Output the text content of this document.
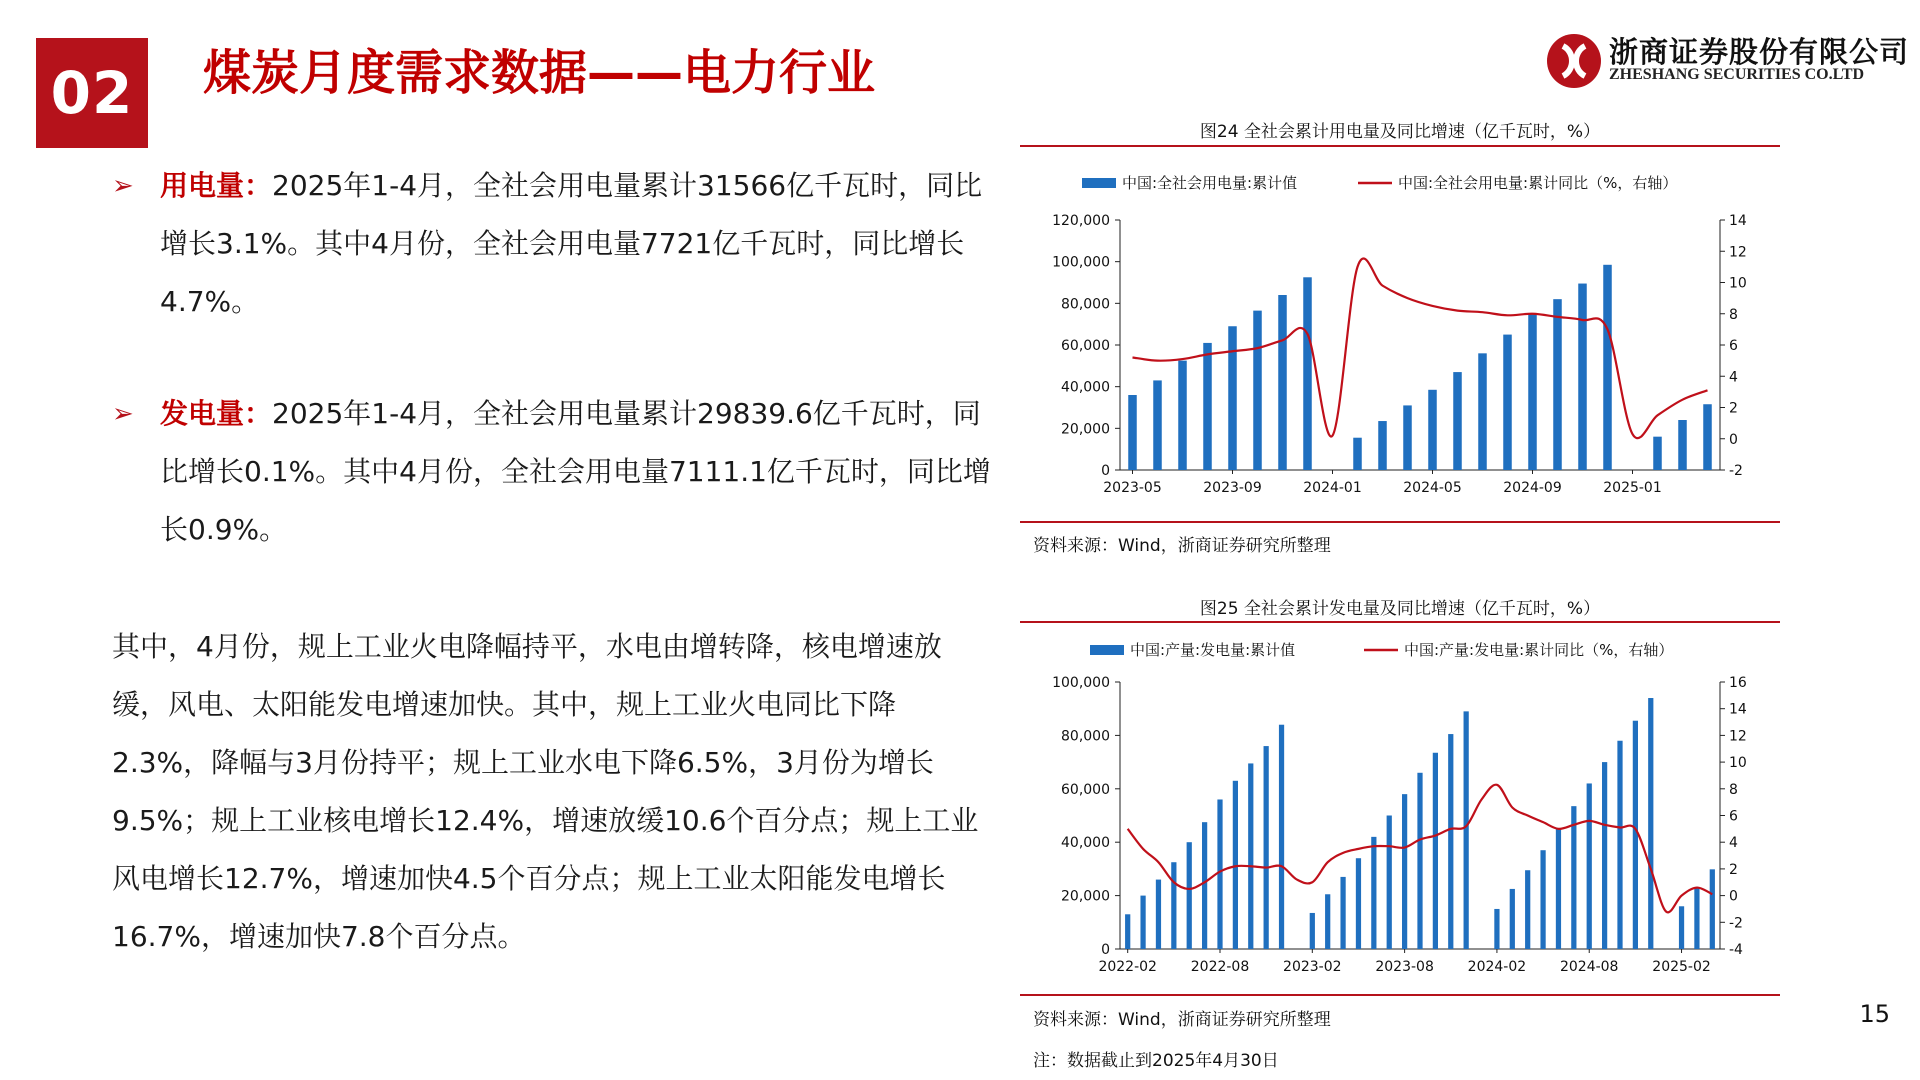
02 煤炭月度需求数据——电力行业	浙商证券股份有限公司
ZHESHANG SECURITIES CO.LTD
➢ 用电量：2025年1-4月，全社会用电量累计31566亿千瓦时，同比增长3.1%。其中4月份，全社会用电量7721亿千瓦时，同比增长4.7%。
➢ 发电量：2025年1-4月，全社会用电量累计29839.6亿千瓦时，同比增长0.1%。其中4月份，全社会用电量7111.1亿千瓦时，同比增长0.9%。
其中，4月份，规上工业火电降幅持平，水电由增转降，核电增速放缓，风电、太阳能发电增速加快。其中，规上工业火电同比下降2.3%，降幅与3月份持平；规上工业水电下降6.5%，3月份为增长9.5%；规上工业核电增长12.4%，增速放缓10.6个百分点；规上工业风电增长12.7%，增速加快4.5个百分点；规上工业太阳能发电增长16.7%，增速加快7.8个百分点。
图24 全社会累计用电量及同比增速（亿千瓦时，%）
中国:全社会用电量:累计值	中国:全社会用电量:累计同比（%，右轴）
120,000
100,000
80,000
60,000
40,000
20,000
0
14
12
10
8
6
4
2
0
-2
2023-05	2023-09	2024-01	2024-05	2024-09	2025-01
资料来源：Wind，浙商证券研究所整理
图25 全社会累计发电量及同比增速（亿千瓦时，%）
中国:产量:发电量:累计值	中国:产量:发电量:累计同比（%，右轴）
100,000
80,000
60,000
40,000
20,000
0
16
14
12
10
8
6
4
2
0
-2
-4
2022-02 2022-08 2023-02 2023-08 2024-02 2024-08 2025-02
资料来源：Wind，浙商证券研究所整理
注：数据截止到2025年4月30日
15
